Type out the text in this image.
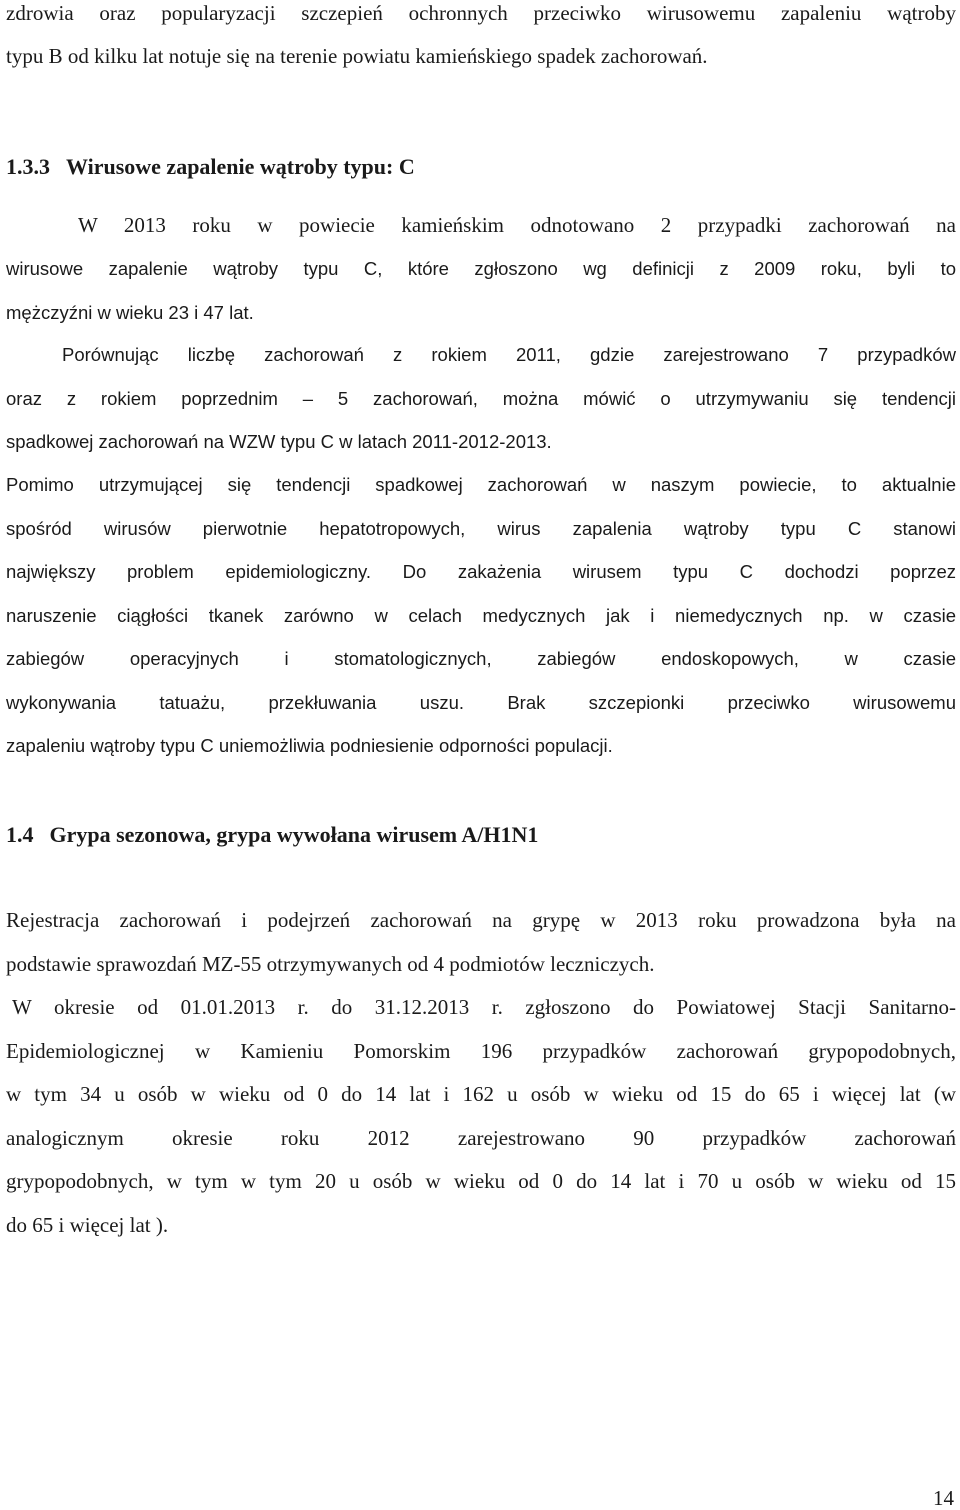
zdrowia oraz popularyzacji szczepień ochronnych przeciwko wirusowemu zapaleniu wątroby

typu B od kilku lat notuje się na terenie powiatu kamieńskiego spadek zachorowań.

1.3.3 Wirusowe zapalenie wątroby typu: C

W 2013 roku w powiecie kamieńskim odnotowano 2 przypadki zachorowań na

wirusowe zapalenie wątroby typu C, które zgłoszono wg definicji z 2009 roku, byli to

mężczyźni w wieku 23 i 47 lat.

Porównując liczbę zachorowań z rokiem 2011, gdzie zarejestrowano 7 przypadków

oraz z rokiem poprzednim – 5 zachorowań, można mówić o utrzymywaniu się tendencji

spadkowej zachorowań na WZW typu C w latach 2011-2012-2013.

Pomimo utrzymującej się tendencji spadkowej zachorowań w naszym powiecie, to aktualnie

spośród wirusów pierwotnie hepatotropowych, wirus zapalenia wątroby typu C stanowi

największy problem epidemiologiczny. Do zakażenia wirusem typu C dochodzi poprzez

naruszenie ciągłości tkanek zarówno w celach medycznych jak i niemedycznych np. w czasie

zabiegów operacyjnych i stomatologicznych, zabiegów endoskopowych, w czasie

wykonywania tatuażu, przekłuwania uszu. Brak szczepionki przeciwko wirusowemu

zapaleniu wątroby typu C uniemożliwia podniesienie odporności populacji.

1.4 Grypa sezonowa, grypa wywołana wirusem A/H1N1

Rejestracja zachorowań i podejrzeń zachorowań na grypę w 2013 roku prowadzona była na

podstawie sprawozdań MZ-55 otrzymywanych od 4 podmiotów leczniczych.

W okresie od 01.01.2013 r. do 31.12.2013 r. zgłoszono do Powiatowej Stacji Sanitarno-

Epidemiologicznej w Kamieniu Pomorskim 196 przypadków zachorowań grypopodobnych,

w tym 34 u osób w wieku od 0 do 14 lat i 162 u osób w wieku od 15 do 65 i więcej lat (w

analogicznym okresie roku 2012 zarejestrowano 90 przypadków zachorowań

grypopodobnych, w tym w tym 20 u osób w wieku od 0 do 14 lat i 70 u osób w wieku od 15

do 65 i więcej lat ).

14
